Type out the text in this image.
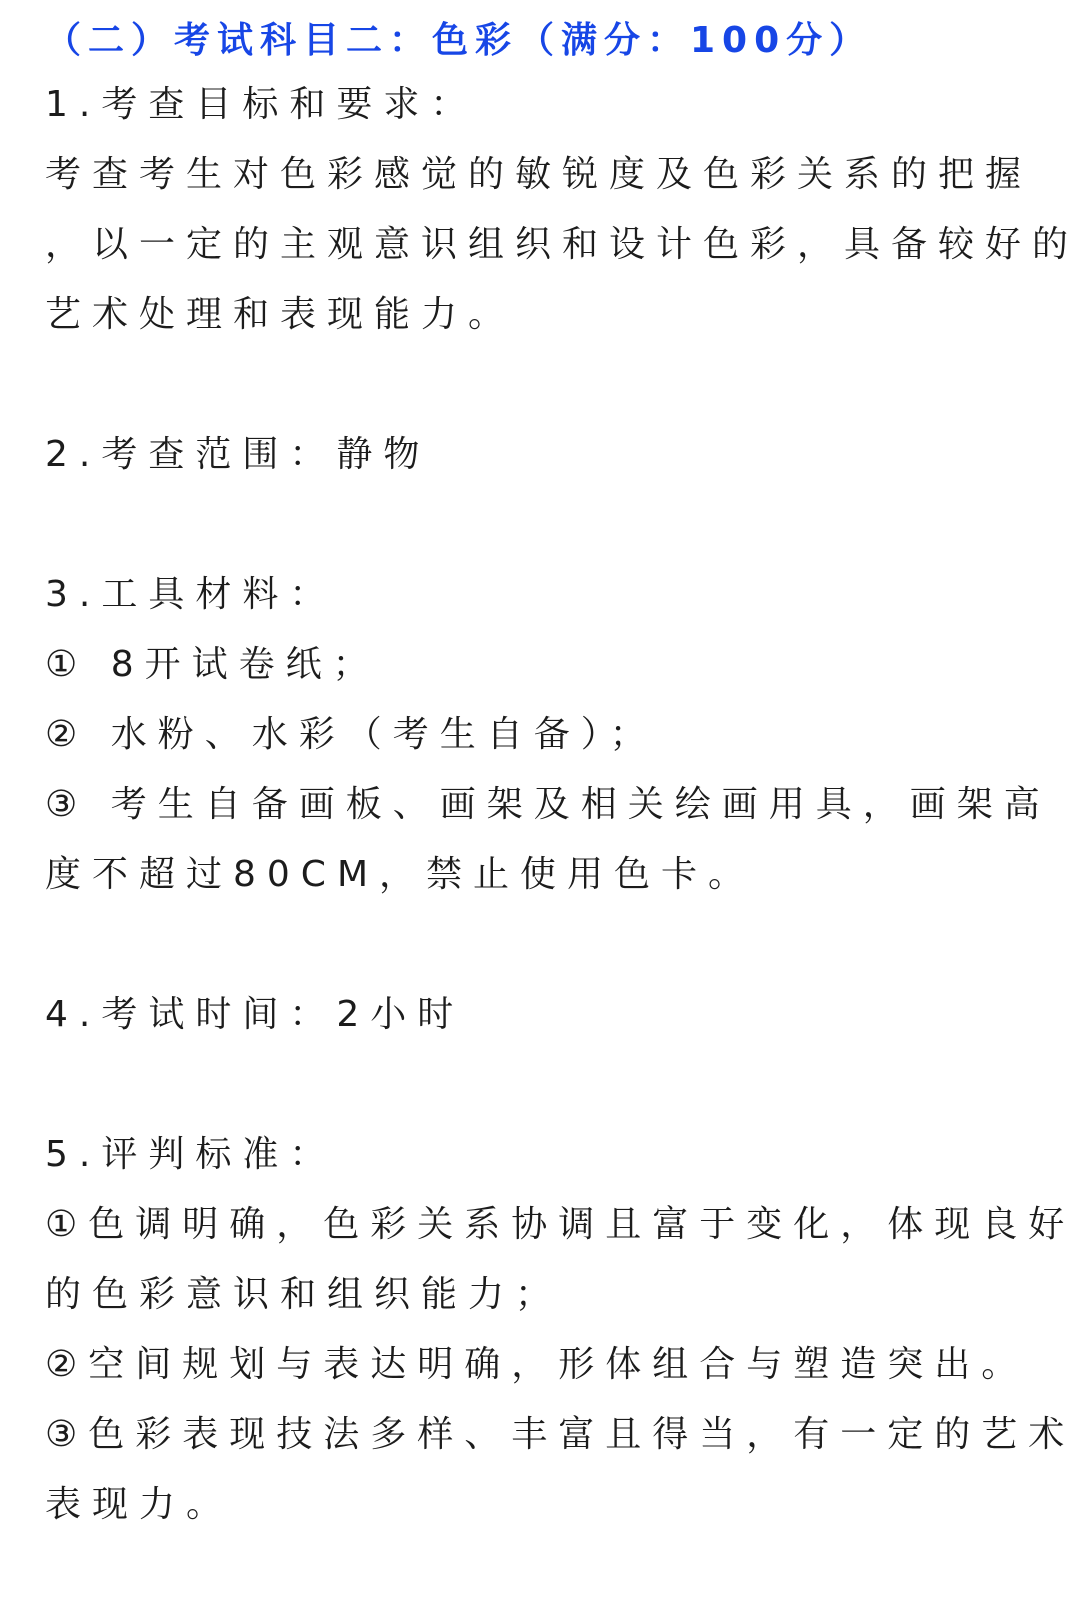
（二）考试科目二：色彩（满分：100分）
1.考查目标和要求：
考查考生对色彩感觉的敏锐度及色彩关系的把握
，以一定的主观意识组织和设计色彩，具备较好的
艺术处理和表现能力。
2.考查范围：静物
3.工具材料：
① 8开试卷纸；
② 水粉、水彩（考生自备）；
③ 考生自备画板、画架及相关绘画用具，画架高
度不超过80CM，禁止使用色卡。
4.考试时间：2小时
5.评判标准：
①色调明确，色彩关系协调且富于变化，体现良好
的色彩意识和组织能力；
②空间规划与表达明确，形体组合与塑造突出。
③色彩表现技法多样、丰富且得当，有一定的艺术
表现力。
